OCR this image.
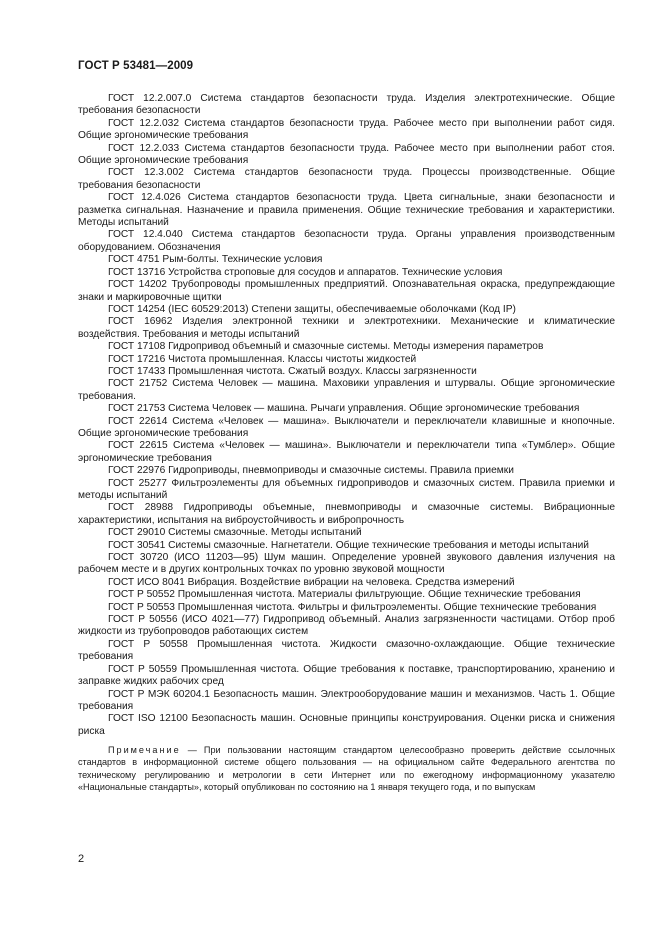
ГОСТ Р 53481—2009

ГОСТ 12.2.007.0 Система стандартов безопасности труда. Изделия электротехнические. Общие требования безопасности

ГОСТ 12.2.032 Система стандартов безопасности труда. Рабочее место при выполнении работ сидя. Общие эргономические требования

ГОСТ 12.2.033 Система стандартов безопасности труда. Рабочее место при выполнении работ стоя. Общие эргономические требования

ГОСТ 12.3.002 Система стандартов безопасности труда. Процессы производственные. Общие требования безопасности

ГОСТ 12.4.026 Система стандартов безопасности труда. Цвета сигнальные, знаки безопасности и разметка сигнальная. Назначение и правила применения. Общие технические требования и характеристики. Методы испытаний

ГОСТ 12.4.040 Система стандартов безопасности труда. Органы управления производственным оборудованием. Обозначения

ГОСТ 4751 Рым-болты. Технические условия

ГОСТ 13716 Устройства строповые для сосудов и аппаратов. Технические условия

ГОСТ 14202 Трубопроводы промышленных предприятий. Опознавательная окраска, предупреждающие знаки и маркировочные щитки

ГОСТ 14254 (IEC 60529:2013) Степени защиты, обеспечиваемые оболочками (Код IP)

ГОСТ 16962 Изделия электронной техники и электротехники. Механические и климатические воздействия. Требования и методы испытаний

ГОСТ 17108 Гидропривод объемный и смазочные системы. Методы измерения параметров

ГОСТ 17216 Чистота промышленная. Классы чистоты жидкостей

ГОСТ 17433 Промышленная чистота. Сжатый воздух. Классы загрязненности

ГОСТ 21752 Система Человек — машина. Маховики управления и штурвалы. Общие эргономические требования.

ГОСТ 21753 Система Человек — машина. Рычаги управления. Общие эргономические требования

ГОСТ 22614 Система «Человек — машина». Выключатели и переключатели клавишные и кнопочные. Общие эргономические требования

ГОСТ 22615 Система «Человек — машина». Выключатели и переключатели типа «Тумблер». Общие эргономические требования

ГОСТ 22976 Гидроприводы, пневмоприводы и смазочные системы. Правила приемки

ГОСТ 25277 Фильтроэлементы для объемных гидроприводов и смазочных систем. Правила приемки и методы испытаний

ГОСТ 28988 Гидроприводы объемные, пневмоприводы и смазочные системы. Вибрационные характеристики, испытания на виброустойчивость и вибропрочность

ГОСТ 29010 Системы смазочные. Методы испытаний

ГОСТ 30541 Системы смазочные. Нагнетатели. Общие технические требования и методы испытаний

ГОСТ 30720 (ИСО 11203—95) Шум машин. Определение уровней звукового давления излучения на рабочем месте и в других контрольных точках по уровню звуковой мощности

ГОСТ ИСО 8041 Вибрация. Воздействие вибрации на человека. Средства измерений

ГОСТ Р 50552 Промышленная чистота. Материалы фильтрующие. Общие технические требования

ГОСТ Р 50553 Промышленная чистота. Фильтры и фильтроэлементы. Общие технические требования

ГОСТ Р 50556 (ИСО 4021—77) Гидропривод объемный. Анализ загрязненности частицами. Отбор проб жидкости из трубопроводов работающих систем

ГОСТ Р 50558 Промышленная чистота. Жидкости смазочно-охлаждающие. Общие технические требования

ГОСТ Р 50559 Промышленная чистота. Общие требования к поставке, транспортированию, хранению и заправке жидких рабочих сред

ГОСТ Р МЭК 60204.1 Безопасность машин. Электрооборудование машин и механизмов. Часть 1. Общие требования

ГОСТ ISO 12100 Безопасность машин. Основные принципы конструирования. Оценки риска и снижения риска

Примечание — При пользовании настоящим стандартом целесообразно проверить действие ссылочных стандартов в информационной системе общего пользования — на официальном сайте Федерального агентства по техническому регулированию и метрологии в сети Интернет или по ежегодному информационному указателю «Национальные стандарты», который опубликован по состоянию на 1 января текущего года, и по выпускам

2
